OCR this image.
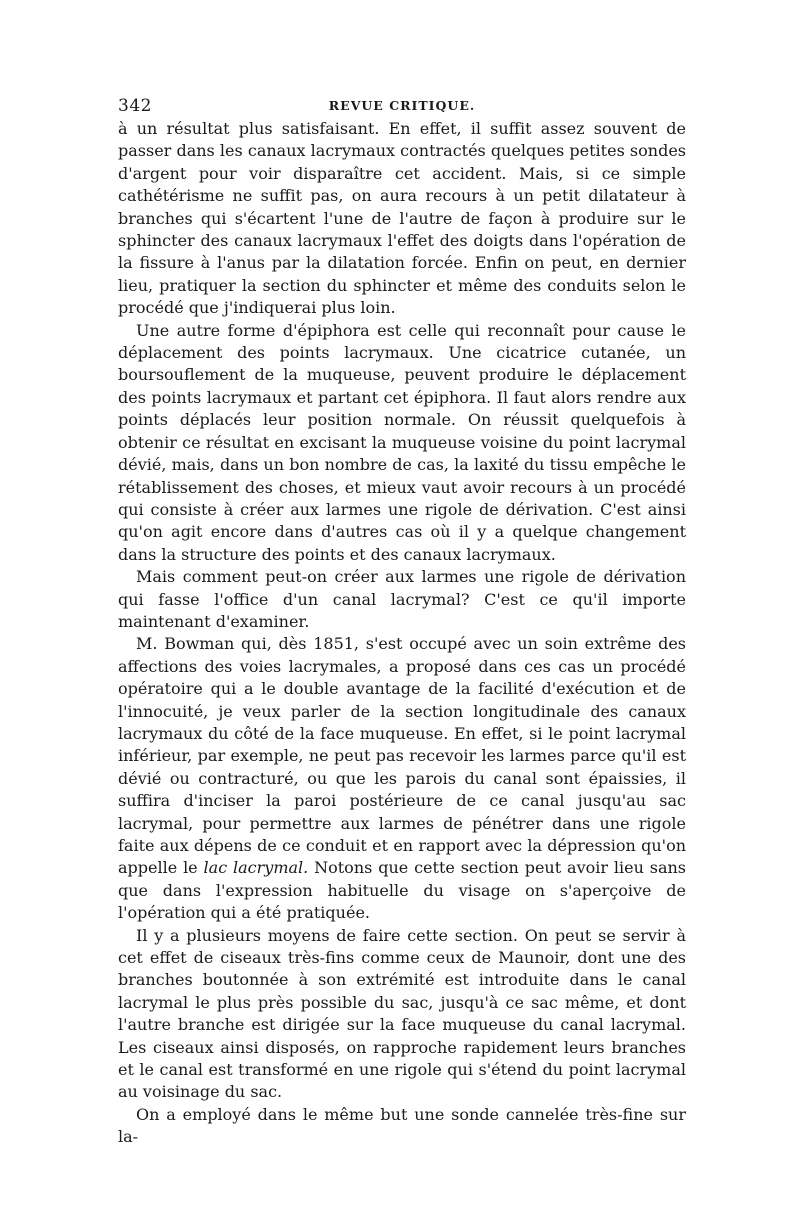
342	REVUE CRITIQUE.

à un résultat plus satisfaisant. En effet, il suffit assez souvent de passer dans les canaux lacrymaux contractés quelques petites sondes d'argent pour voir disparaître cet accident. Mais, si ce simple cathétérisme ne suffit pas, on aura recours à un petit dilatateur à branches qui s'écartent l'une de l'autre de façon à produire sur le sphincter des canaux lacrymaux l'effet des doigts dans l'opération de la fissure à l'anus par la dilatation forcée. Enfin on peut, en dernier lieu, pratiquer la section du sphincter et même des conduits selon le procédé que j'indiquerai plus loin.

Une autre forme d'épiphora est celle qui reconnaît pour cause le déplacement des points lacrymaux. Une cicatrice cutanée, un boursouflement de la muqueuse, peuvent produire le déplacement des points lacrymaux et partant cet épiphora. Il faut alors rendre aux points déplacés leur position normale. On réussit quelquefois à obtenir ce résultat en excisant la muqueuse voisine du point lacrymal dévié, mais, dans un bon nombre de cas, la laxité du tissu empêche le rétablissement des choses, et mieux vaut avoir recours à un procédé qui consiste à créer aux larmes une rigole de dérivation. C'est ainsi qu'on agit encore dans d'autres cas où il y a quelque changement dans la structure des points et des canaux lacrymaux.

Mais comment peut-on créer aux larmes une rigole de dérivation qui fasse l'office d'un canal lacrymal? C'est ce qu'il importe maintenant d'examiner.

M. Bowman qui, dès 1851, s'est occupé avec un soin extrême des affections des voies lacrymales, a proposé dans ces cas un procédé opératoire qui a le double avantage de la facilité d'exécution et de l'innocuité, je veux parler de la section longitudinale des canaux lacrymaux du côté de la face muqueuse. En effet, si le point lacrymal inférieur, par exemple, ne peut pas recevoir les larmes parce qu'il est dévié ou contracturé, ou que les parois du canal sont épaissies, il suffira d'inciser la paroi postérieure de ce canal jusqu'au sac lacrymal, pour permettre aux larmes de pénétrer dans une rigole faite aux dépens de ce conduit et en rapport avec la dépression qu'on appelle le lac lacrymal. Notons que cette section peut avoir lieu sans que dans l'expression habituelle du visage on s'aperçoive de l'opération qui a été pratiquée.

Il y a plusieurs moyens de faire cette section. On peut se servir à cet effet de ciseaux très-fins comme ceux de Maunoir, dont une des branches boutonnée à son extrémité est introduite dans le canal lacrymal le plus près possible du sac, jusqu'à ce sac même, et dont l'autre branche est dirigée sur la face muqueuse du canal lacrymal. Les ciseaux ainsi disposés, on rapproche rapidement leurs branches et le canal est transformé en une rigole qui s'étend du point lacrymal au voisinage du sac.

On a employé dans le même but une sonde cannelée très-fine sur la-
